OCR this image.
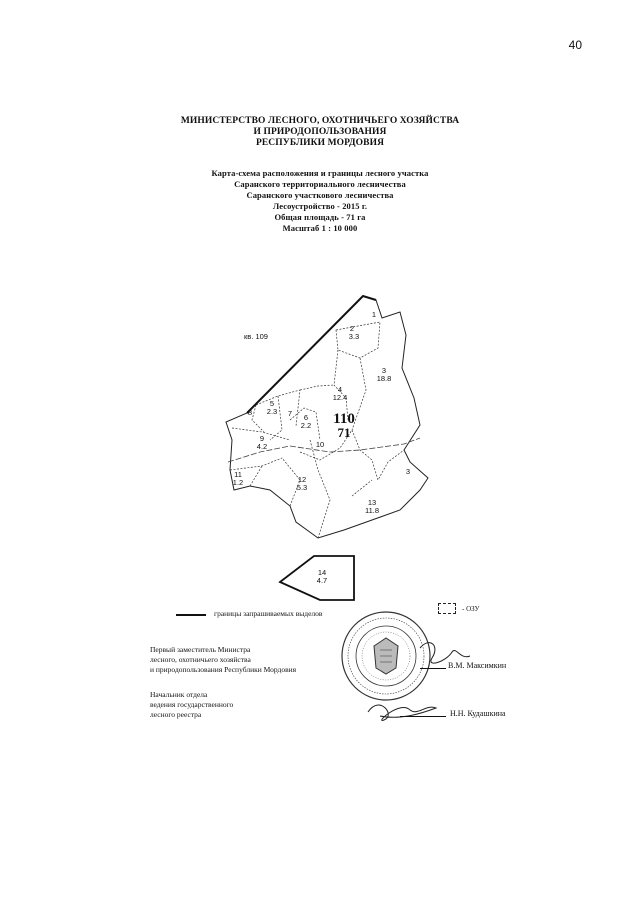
40
МИНИСТЕРСТВО ЛЕСНОГО, ОХОТНИЧЬЕГО ХОЗЯЙСТВА
И ПРИРОДОПОЛЬЗОВАНИЯ
РЕСПУБЛИКИ МОРДОВИЯ
Карта-схема расположения и границы лесного участка
Саранского территориального лесничества
Саранского участкового лесничества
Лесоустройство - 2015 г.
Общая площадь - 71 га
Масштаб 1 : 10 000
кв. 109
1
2
3.3
3
18.8
4
12.4
5
2.3
6
2.2
7
8
9
4.2	10
11
1.2	12
5.3
13
11.8
14
4.7
3
110
71
границы запрашиваемых выделов	- ОЗУ
Первый заместитель Министра
лесного, охотничьего хозяйства
и природопользования Республики Мордовия	В.М. Максимкин
Начальник отдела
ведения государственного
лесного реестра	Н.Н. Кудашкина
